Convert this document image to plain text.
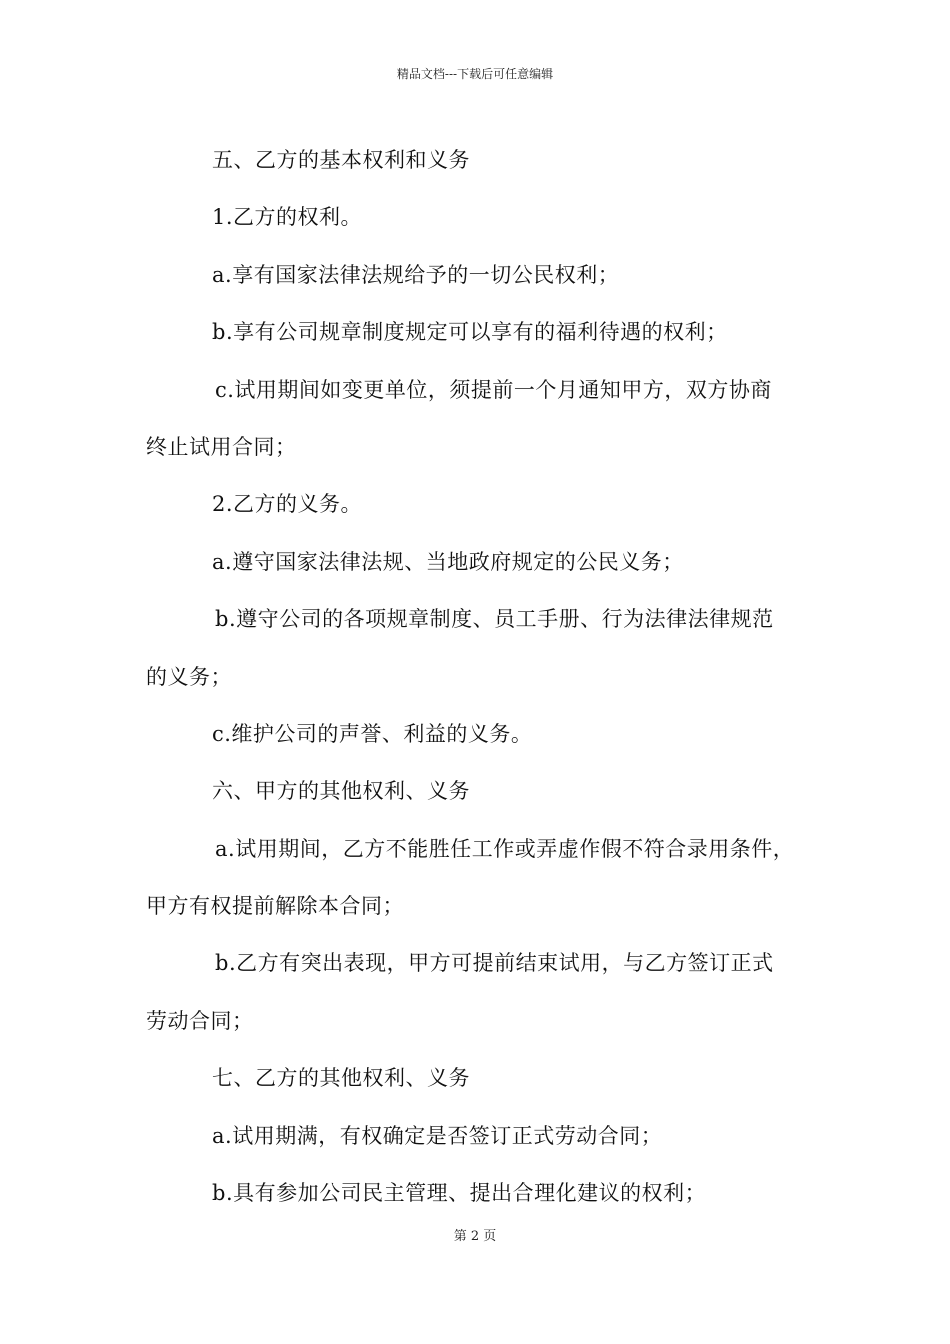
精品文档---下载后可任意编辑
五、乙方的基本权利和义务
1.乙方的权利。
a.享有国家法律法规给予的一切公民权利；
b.享有公司规章制度规定可以享有的福利待遇的权利；
c.试用期间如变更单位，须提前一个月通知甲方，双方协商
终止试用合同；
2.乙方的义务。
a.遵守国家法律法规、当地政府规定的公民义务；
b.遵守公司的各项规章制度、员工手册、行为法律法律规范
的义务；
c.维护公司的声誉、利益的义务。
六、甲方的其他权利、义务
a.试用期间，乙方不能胜任工作或弄虚作假不符合录用条件，
甲方有权提前解除本合同；
b.乙方有突出表现，甲方可提前结束试用，与乙方签订正式
劳动合同；
七、乙方的其他权利、义务
a.试用期满，有权确定是否签订正式劳动合同；
b.具有参加公司民主管理、提出合理化建议的权利；
第 2 页
